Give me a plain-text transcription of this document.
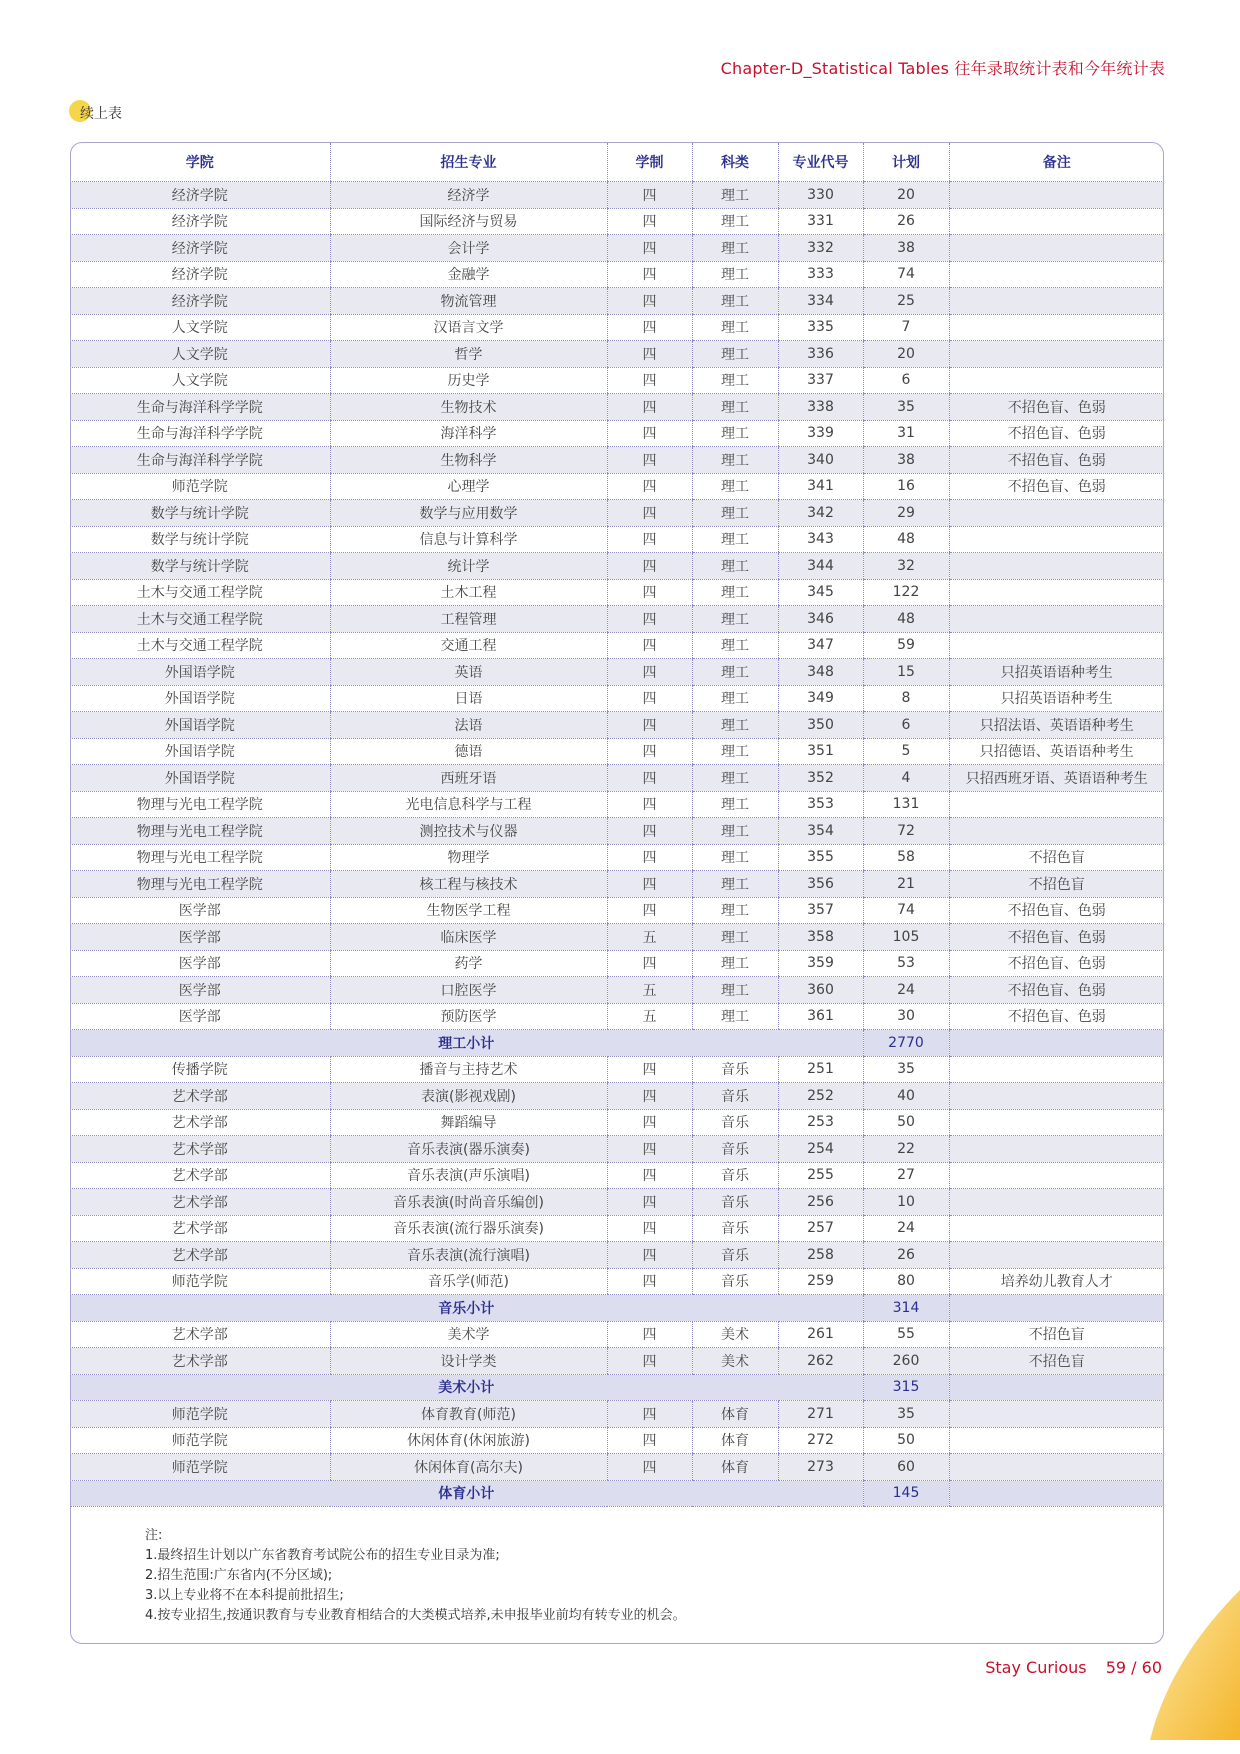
Chapter-D_Statistical Tables 往年录取统计表和今年统计表
续上表
学院	招生专业	学制	科类	专业代号	计划	备注
经济学院	经济学	四	理工	330	20	
经济学院	国际经济与贸易	四	理工	331	26	
经济学院	会计学	四	理工	332	38	
经济学院	金融学	四	理工	333	74	
经济学院	物流管理	四	理工	334	25	
人文学院	汉语言文学	四	理工	335	7	
人文学院	哲学	四	理工	336	20	
人文学院	历史学	四	理工	337	6	
生命与海洋科学学院	生物技术	四	理工	338	35	不招色盲、色弱
生命与海洋科学学院	海洋科学	四	理工	339	31	不招色盲、色弱
生命与海洋科学学院	生物科学	四	理工	340	38	不招色盲、色弱
师范学院	心理学	四	理工	341	16	不招色盲、色弱
数学与统计学院	数学与应用数学	四	理工	342	29	
数学与统计学院	信息与计算科学	四	理工	343	48	
数学与统计学院	统计学	四	理工	344	32	
土木与交通工程学院	土木工程	四	理工	345	122	
土木与交通工程学院	工程管理	四	理工	346	48	
土木与交通工程学院	交通工程	四	理工	347	59	
外国语学院	英语	四	理工	348	15	只招英语语种考生
外国语学院	日语	四	理工	349	8	只招英语语种考生
外国语学院	法语	四	理工	350	6	只招法语、英语语种考生
外国语学院	德语	四	理工	351	5	只招德语、英语语种考生
外国语学院	西班牙语	四	理工	352	4	只招西班牙语、英语语种考生
物理与光电工程学院	光电信息科学与工程	四	理工	353	131	
物理与光电工程学院	测控技术与仪器	四	理工	354	72	
物理与光电工程学院	物理学	四	理工	355	58	不招色盲
物理与光电工程学院	核工程与核技术	四	理工	356	21	不招色盲
医学部	生物医学工程	四	理工	357	74	不招色盲、色弱
医学部	临床医学	五	理工	358	105	不招色盲、色弱
医学部	药学	四	理工	359	53	不招色盲、色弱
医学部	口腔医学	五	理工	360	24	不招色盲、色弱
医学部	预防医学	五	理工	361	30	不招色盲、色弱
理工小计					2770	
传播学院	播音与主持艺术	四	音乐	251	35	
艺术学部	表演(影视戏剧)	四	音乐	252	40	
艺术学部	舞蹈编导	四	音乐	253	50	
艺术学部	音乐表演(器乐演奏)	四	音乐	254	22	
艺术学部	音乐表演(声乐演唱)	四	音乐	255	27	
艺术学部	音乐表演(时尚音乐编创)	四	音乐	256	10	
艺术学部	音乐表演(流行器乐演奏)	四	音乐	257	24	
艺术学部	音乐表演(流行演唱)	四	音乐	258	26	
师范学院	音乐学(师范)	四	音乐	259	80	培养幼儿教育人才
音乐小计					314	
艺术学部	美术学	四	美术	261	55	不招色盲
艺术学部	设计学类	四	美术	262	260	不招色盲
美术小计					315	
师范学院	体育教育(师范)	四	体育	271	35	
师范学院	休闲体育(休闲旅游)	四	体育	272	50	
师范学院	休闲体育(高尔夫)	四	体育	273	60	
体育小计					145	
注:
1.最终招生计划以广东省教育考试院公布的招生专业目录为准;
2.招生范围:广东省内(不分区域);
3.以上专业将不在本科提前批招生;
4.按专业招生,按通识教育与专业教育相结合的大类模式培养,未申报毕业前均有转专业的机会。
Stay Curious 59 / 60
